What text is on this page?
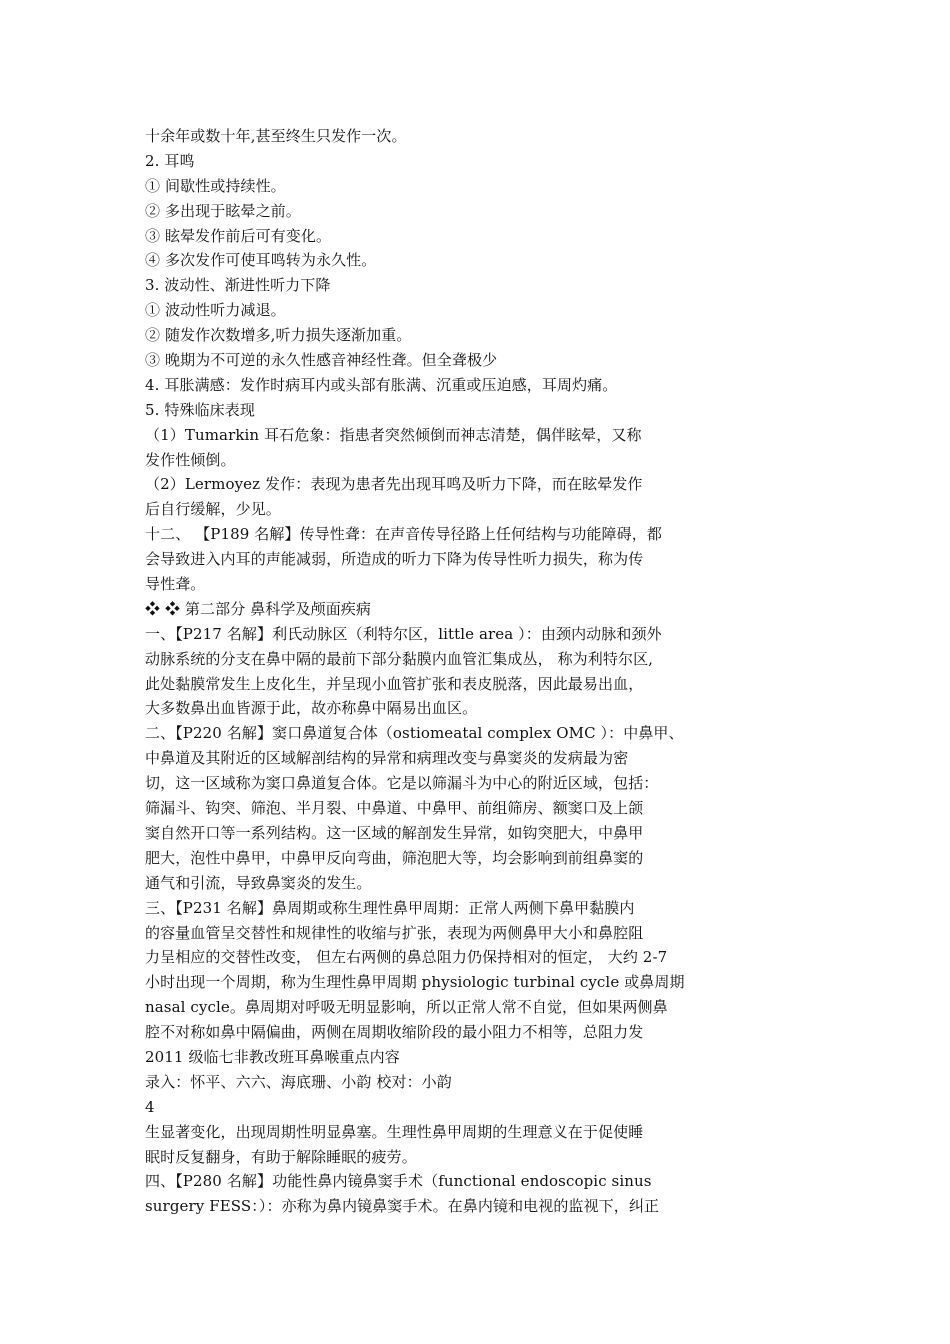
十余年或数十年,甚至终生只发作一次。
2. 耳鸣
① 间歇性或持续性。
② 多出现于眩晕之前。
③ 眩晕发作前后可有变化。
④ 多次发作可使耳鸣转为永久性。
3. 波动性、渐进性听力下降
① 波动性听力减退。
② 随发作次数增多,听力损失逐渐加重。
③ 晚期为不可逆的永久性感音神经性聋。但全聋极少
4. 耳胀满感：发作时病耳内或头部有胀满、沉重或压迫感，耳周灼痛。
5. 特殊临床表现
（1）Tumarkin 耳石危象：指患者突然倾倒而神志清楚，偶伴眩晕，又称
发作性倾倒。
（2）Lermoyez 发作：表现为患者先出现耳鸣及听力下降，而在眩晕发作
后自行缓解，少见。
十二、 【P189 名解】传导性聋：在声音传导径路上任何结构与功能障碍，都
会导致进入内耳的声能减弱，所造成的听力下降为传导性听力损失，称为传
导性聋。
❖ ❖ 第二部分 鼻科学及颅面疾病
一、【P217 名解】利氏动脉区（利特尔区，little area ）：由颈内动脉和颈外
动脉系统的分支在鼻中隔的最前下部分黏膜内血管汇集成丛， 称为利特尔区,
此处黏膜常发生上皮化生，并呈现小血管扩张和表皮脱落，因此最易出血，
大多数鼻出血皆源于此，故亦称鼻中隔易出血区。
二、【P220 名解】窦口鼻道复合体（ostiomeatal complex OMC ）：中鼻甲、
中鼻道及其附近的区域解剖结构的异常和病理改变与鼻窦炎的发病最为密
切，这一区域称为窦口鼻道复合体。它是以筛漏斗为中心的附近区域，包括：
筛漏斗、钩突、筛泡、半月裂、中鼻道、中鼻甲、前组筛房、额窦口及上颌
窦自然开口等一系列结构。这一区域的解剖发生异常，如钩突肥大，中鼻甲
肥大，泡性中鼻甲，中鼻甲反向弯曲，筛泡肥大等，均会影响到前组鼻窦的
通气和引流，导致鼻窦炎的发生。
三、【P231 名解】鼻周期或称生理性鼻甲周期：正常人两侧下鼻甲黏膜内
的容量血管呈交替性和规律性的收缩与扩张，表现为两侧鼻甲大小和鼻腔阻
力呈相应的交替性改变， 但左右两侧的鼻总阻力仍保持相对的恒定， 大约 2-7
小时出现一个周期，称为生理性鼻甲周期 physiologic turbinal cycle 或鼻周期
nasal cycle。鼻周期对呼吸无明显影响，所以正常人常不自觉，但如果两侧鼻
腔不对称如鼻中隔偏曲，两侧在周期收缩阶段的最小阻力不相等，总阻力发
2011 级临七非教改班耳鼻喉重点内容
录入：怀平、六六、海底珊、小韵 校对：小韵
4
生显著变化，出现周期性明显鼻塞。生理性鼻甲周期的生理意义在于促使睡
眠时反复翻身，有助于解除睡眠的疲劳。
四、【P280 名解】功能性鼻内镜鼻窦手术（functional endoscopic sinus
surgery FESS：）：亦称为鼻内镜鼻窦手术。在鼻内镜和电视的监视下，纠正
